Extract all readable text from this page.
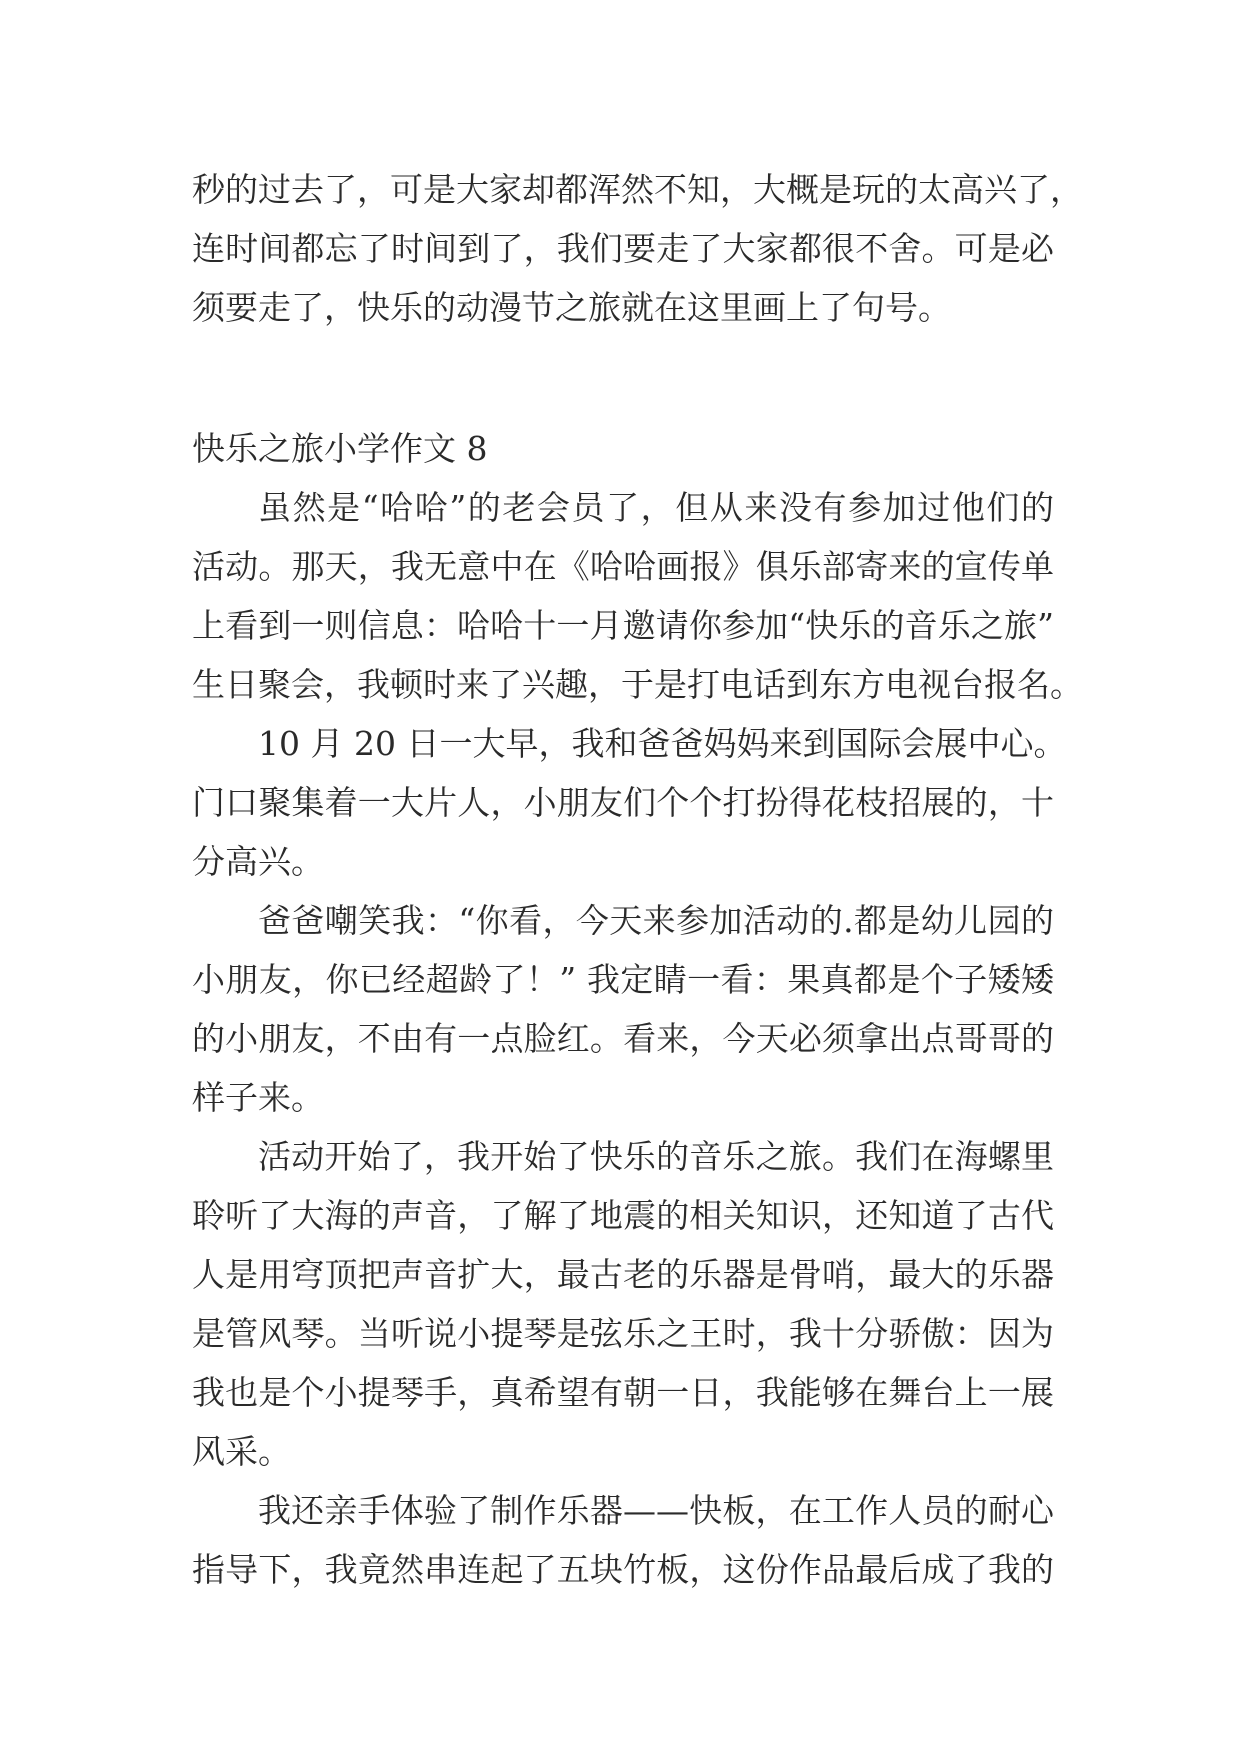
秒的过去了，可是大家却都浑然不知，大概是玩的太高兴了，

连时间都忘了时间到了，我们要走了大家都很不舍。可是必

须要走了，快乐的动漫节之旅就在这里画上了句号。

快乐之旅小学作文 8

虽然是“哈哈”的老会员了，但从来没有参加过他们的

活动。那天，我无意中在《哈哈画报》俱乐部寄来的宣传单

上看到一则信息：哈哈十一月邀请你参加“快乐的音乐之旅”

生日聚会，我顿时来了兴趣，于是打电话到东方电视台报名。

10 月 20 日一大早，我和爸爸妈妈来到国际会展中心。

门口聚集着一大片人，小朋友们个个打扮得花枝招展的，十

分高兴。

爸爸嘲笑我：“你看，今天来参加活动的.都是幼儿园的

小朋友，你已经超龄了！” 我定睛一看：果真都是个子矮矮

的小朋友，不由有一点脸红。看来，今天必须拿出点哥哥的

样子来。

活动开始了，我开始了快乐的音乐之旅。我们在海螺里

聆听了大海的声音，了解了地震的相关知识，还知道了古代

人是用穹顶把声音扩大，最古老的乐器是骨哨，最大的乐器

是管风琴。当听说小提琴是弦乐之王时，我十分骄傲：因为

我也是个小提琴手，真希望有朝一日，我能够在舞台上一展

风采。

我还亲手体验了制作乐器——快板，在工作人员的耐心

指导下，我竟然串连起了五块竹板，这份作品最后成了我的
